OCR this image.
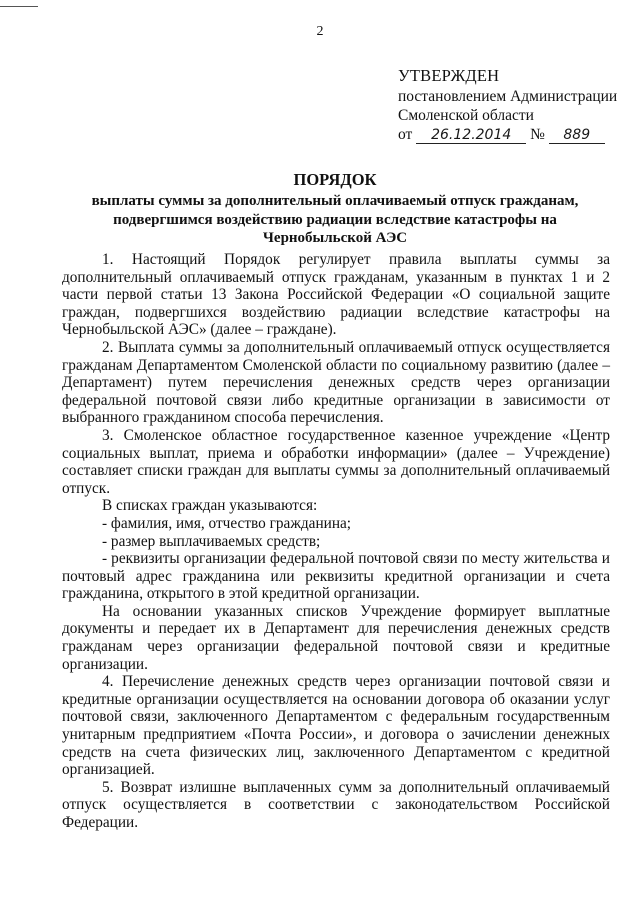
2
УТВЕРЖДЕН
постановлением Администрации
Смоленской области
от 26.12.2014 № 889
ПОРЯДОК
выплаты суммы за дополнительный оплачиваемый отпуск гражданам,
подвергшимся воздействию радиации вследствие катастрофы на
Чернобыльской АЭС

1. Настоящий Порядок регулирует правила выплаты суммы за дополнительный оплачиваемый отпуск гражданам, указанным в пунктах 1 и 2 части первой статьи 13 Закона Российской Федерации «О социальной защите граждан, подвергшихся воздействию радиации вследствие катастрофы на Чернобыльской АЭС» (далее – граждане).

2. Выплата суммы за дополнительный оплачиваемый отпуск осуществляется гражданам Департаментом Смоленской области по социальному развитию (далее – Департамент) путем перечисления денежных средств через организации федеральной почтовой связи либо кредитные организации в зависимости от выбранного гражданином способа перечисления.

3. Смоленское областное государственное казенное учреждение «Центр социальных выплат, приема и обработки информации» (далее – Учреждение) составляет списки граждан для выплаты суммы за дополнительный оплачиваемый отпуск.

В списках граждан указываются:

- фамилия, имя, отчество гражданина;

- размер выплачиваемых средств;

- реквизиты организации федеральной почтовой связи по месту жительства и почтовый адрес гражданина или реквизиты кредитной организации и счета гражданина, открытого в этой кредитной организации.

На основании указанных списков Учреждение формирует выплатные документы и передает их в Департамент для перечисления денежных средств гражданам через организации федеральной почтовой связи и кредитные организации.

4. Перечисление денежных средств через организации почтовой связи и кредитные организации осуществляется на основании договора об оказании услуг почтовой связи, заключенного Департаментом с федеральным государственным унитарным предприятием «Почта России», и договора о зачислении денежных средств на счета физических лиц, заключенного Департаментом с кредитной организацией.

5. Возврат излишне выплаченных сумм за дополнительный оплачиваемый отпуск осуществляется в соответствии с законодательством Российской Федерации.
